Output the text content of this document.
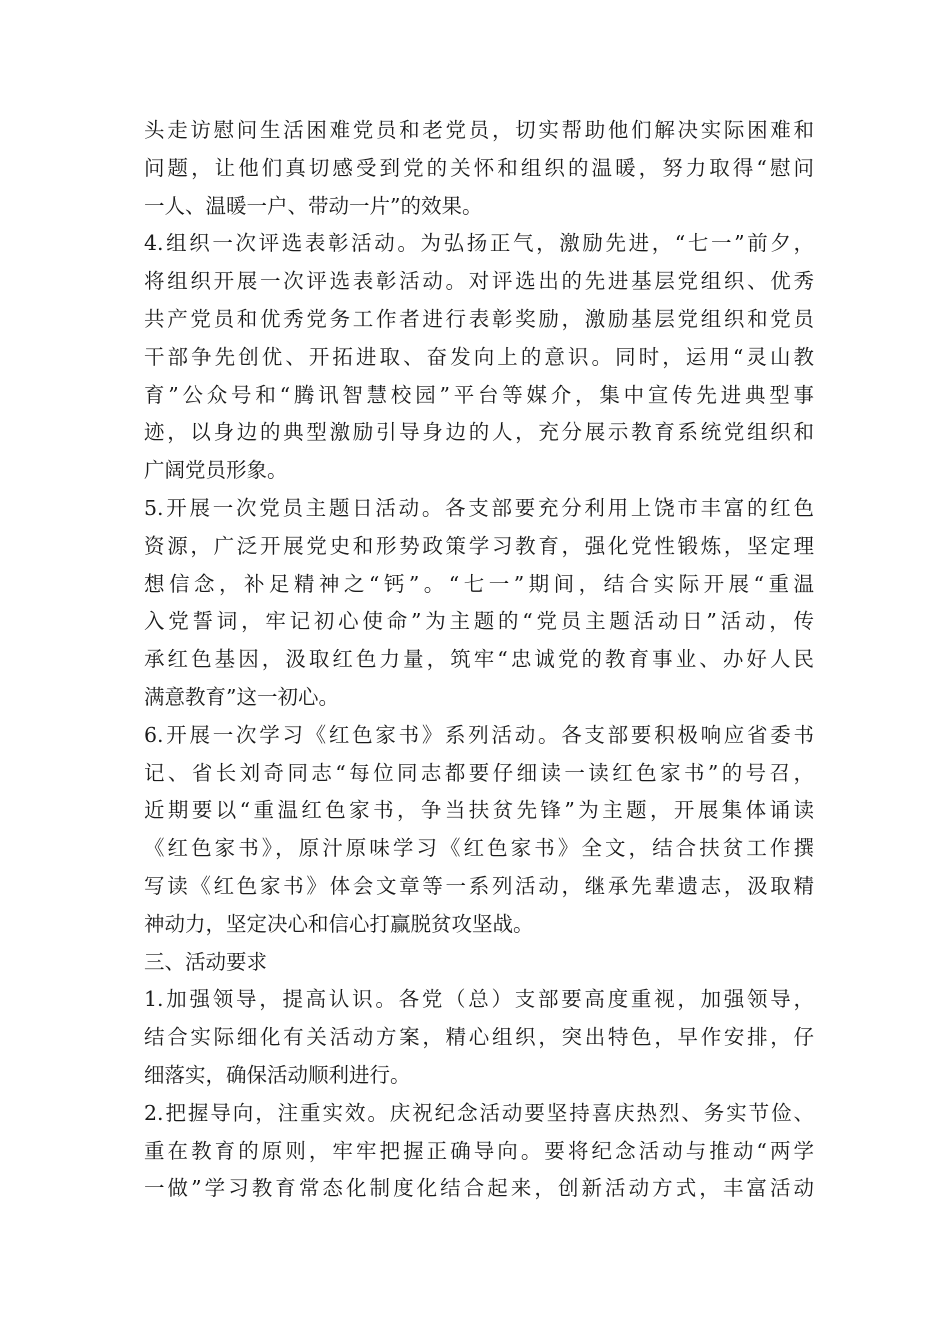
头走访慰问生活困难党员和老党员，切实帮助他们解决实际困难和
问题，让他们真切感受到党的关怀和组织的温暖，努力取得“慰问
一人、温暖一户、带动一片”的效果。
4.组织一次评选表彰活动。为弘扬正气，激励先进，“七一”前夕，
将组织开展一次评选表彰活动。对评选出的先进基层党组织、优秀
共产党员和优秀党务工作者进行表彰奖励，激励基层党组织和党员
干部争先创优、开拓进取、奋发向上的意识。同时，运用“灵山教
育”公众号和“腾讯智慧校园”平台等媒介，集中宣传先进典型事
迹，以身边的典型激励引导身边的人，充分展示教育系统党组织和
广阔党员形象。
5.开展一次党员主题日活动。各支部要充分利用上饶市丰富的红色
资源，广泛开展党史和形势政策学习教育，强化党性锻炼，坚定理
想信念，补足精神之“钙”。“七一”期间，结合实际开展“重温
入党誓词，牢记初心使命”为主题的“党员主题活动日”活动，传
承红色基因，汲取红色力量，筑牢“忠诚党的教育事业、办好人民
满意教育”这一初心。
6.开展一次学习《红色家书》系列活动。各支部要积极响应省委书
记、省长刘奇同志“每位同志都要仔细读一读红色家书”的号召，
近期要以“重温红色家书，争当扶贫先锋”为主题，开展集体诵读
《红色家书》，原汁原味学习《红色家书》全文，结合扶贫工作撰
写读《红色家书》体会文章等一系列活动，继承先辈遗志，汲取精
神动力，坚定决心和信心打赢脱贫攻坚战。
三、活动要求
1.加强领导，提高认识。各党（总）支部要高度重视，加强领导，
结合实际细化有关活动方案，精心组织，突出特色，早作安排，仔
细落实，确保活动顺利进行。
2.把握导向，注重实效。庆祝纪念活动要坚持喜庆热烈、务实节俭、
重在教育的原则，牢牢把握正确导向。要将纪念活动与推动“两学
一做”学习教育常态化制度化结合起来，创新活动方式，丰富活动
